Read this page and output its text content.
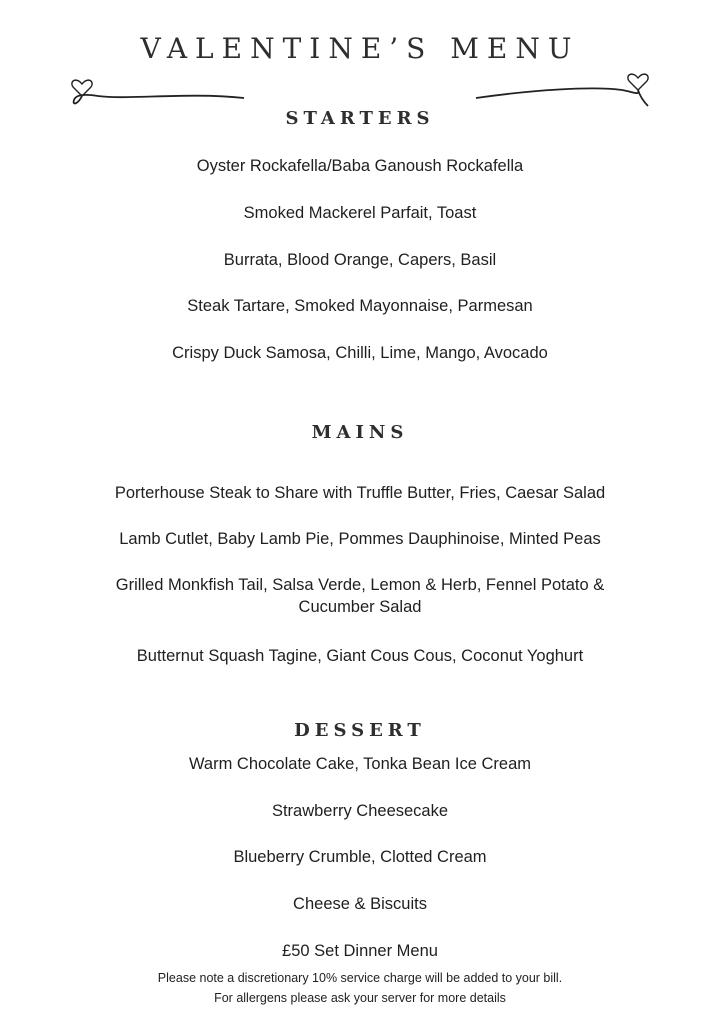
VALENTINE’S MENU
STARTERS
Oyster Rockafella/Baba Ganoush Rockafella
Smoked Mackerel Parfait, Toast
Burrata, Blood Orange, Capers, Basil
Steak Tartare, Smoked Mayonnaise, Parmesan
Crispy Duck Samosa, Chilli, Lime, Mango, Avocado
MAINS
Porterhouse Steak to Share with Truffle Butter, Fries, Caesar Salad
Lamb Cutlet, Baby Lamb Pie, Pommes Dauphinoise, Minted Peas
Grilled Monkfish Tail, Salsa Verde, Lemon & Herb, Fennel Potato & Cucumber Salad
Butternut Squash Tagine, Giant Cous Cous, Coconut Yoghurt
DESSERT
Warm Chocolate Cake, Tonka Bean Ice Cream
Strawberry Cheesecake
Blueberry Crumble, Clotted Cream
Cheese & Biscuits
£50 Set Dinner Menu
Please note a discretionary 10% service charge will be added to your bill.
For allergens please ask your server for more details
